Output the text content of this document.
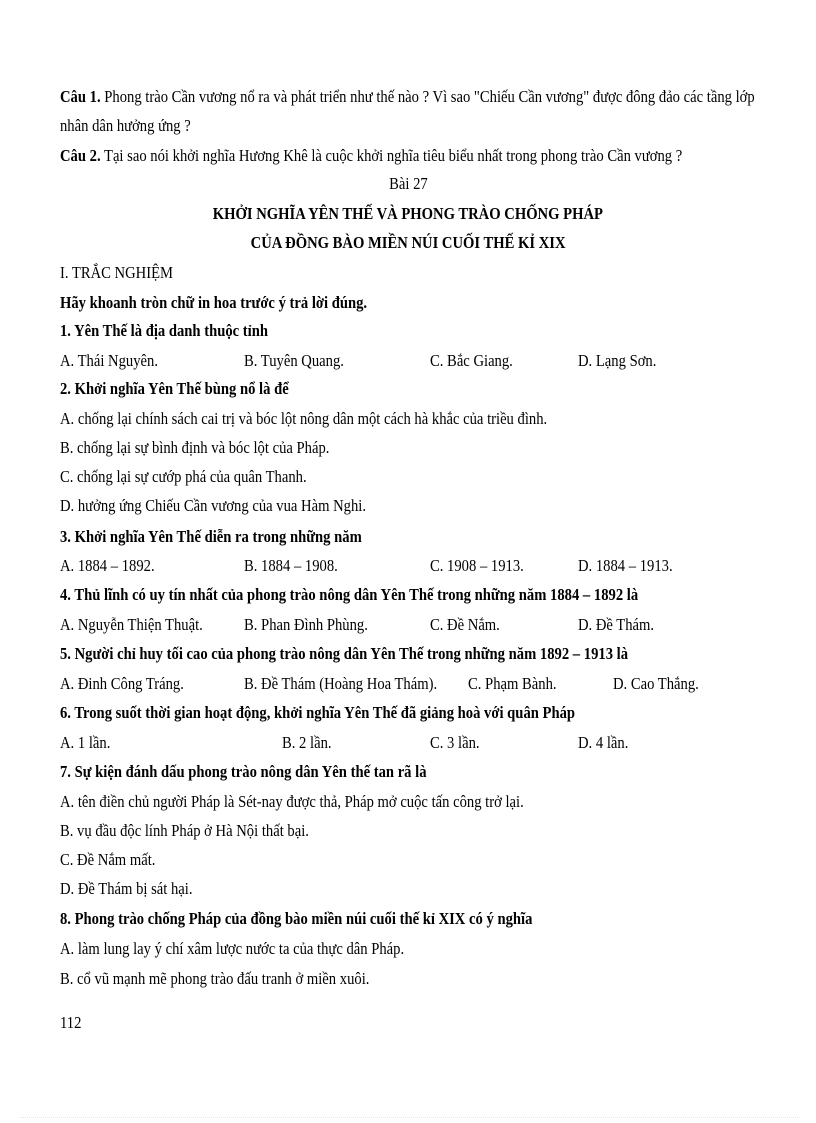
Câu 1. Phong trào Cần vương nổ ra và phát triển như thế nào ? Vì sao "Chiếu Cần vương" được đông đảo các tầng lớp
nhân dân hưởng ứng ?
Câu 2. Tại sao nói khởi nghĩa Hương Khê là cuộc khởi nghĩa tiêu biểu nhất trong phong trào Cần vương ?
Bài 27
KHỞI NGHĨA YÊN THẾ VÀ PHONG TRÀO CHỐNG PHÁP
CỦA ĐỒNG BÀO MIỀN NÚI CUỐI THẾ KỈ XIX
I. TRẮC NGHIỆM
Hãy khoanh tròn chữ in hoa trước ý trả lời đúng.
1. Yên Thế là địa danh thuộc tỉnh
A. Thái Nguyên.	B. Tuyên Quang.	C. Bắc Giang.	D. Lạng Sơn.
2. Khởi nghĩa Yên Thế bùng nổ là để
A. chống lại chính sách cai trị và bóc lột nông dân một cách hà khắc của triều đình.
B. chống lại sự bình định và bóc lột của Pháp.
C. chống lại sự cướp phá của quân Thanh.
D. hưởng ứng Chiếu Cần vương của vua Hàm Nghi.
3. Khởi nghĩa Yên Thế diễn ra trong những năm
A. 1884 – 1892.	B. 1884 – 1908.	C. 1908 – 1913.	D. 1884 – 1913.
4. Thủ lĩnh có uy tín nhất của phong trào nông dân Yên Thế trong những năm 1884 – 1892 là
A. Nguyễn Thiện Thuật. B. Phan Đình Phùng.	C. Đề Nắm.	D. Đề Thám.
5. Người chỉ huy tối cao của phong trào nông dân Yên Thế trong những năm 1892 – 1913 là
A. Đinh Công Tráng.	B. Đề Thám (Hoàng Hoa Thám). C. Phạm Bành.	D. Cao Thắng.
6. Trong suốt thời gian hoạt động, khởi nghĩa Yên Thế đã giảng hoà với quân Pháp
A. 1 lần.	B. 2 lần.	C. 3 lần.	D. 4 lần.
7. Sự kiện đánh dấu phong trào nông dân Yên thế tan rã là
A. tên điền chủ người Pháp là Sét-nay được thả, Pháp mở cuộc tấn công trở lại.
B. vụ đầu độc lính Pháp ở Hà Nội thất bại.
C. Đề Nắm mất.
D. Đề Thám bị sát hại.
8. Phong trào chống Pháp của đồng bào miền núi cuối thế kỉ XIX có ý nghĩa
A. làm lung lay ý chí xâm lược nước ta của thực dân Pháp.
B. cổ vũ mạnh mẽ phong trào đấu tranh ở miền xuôi.
112
